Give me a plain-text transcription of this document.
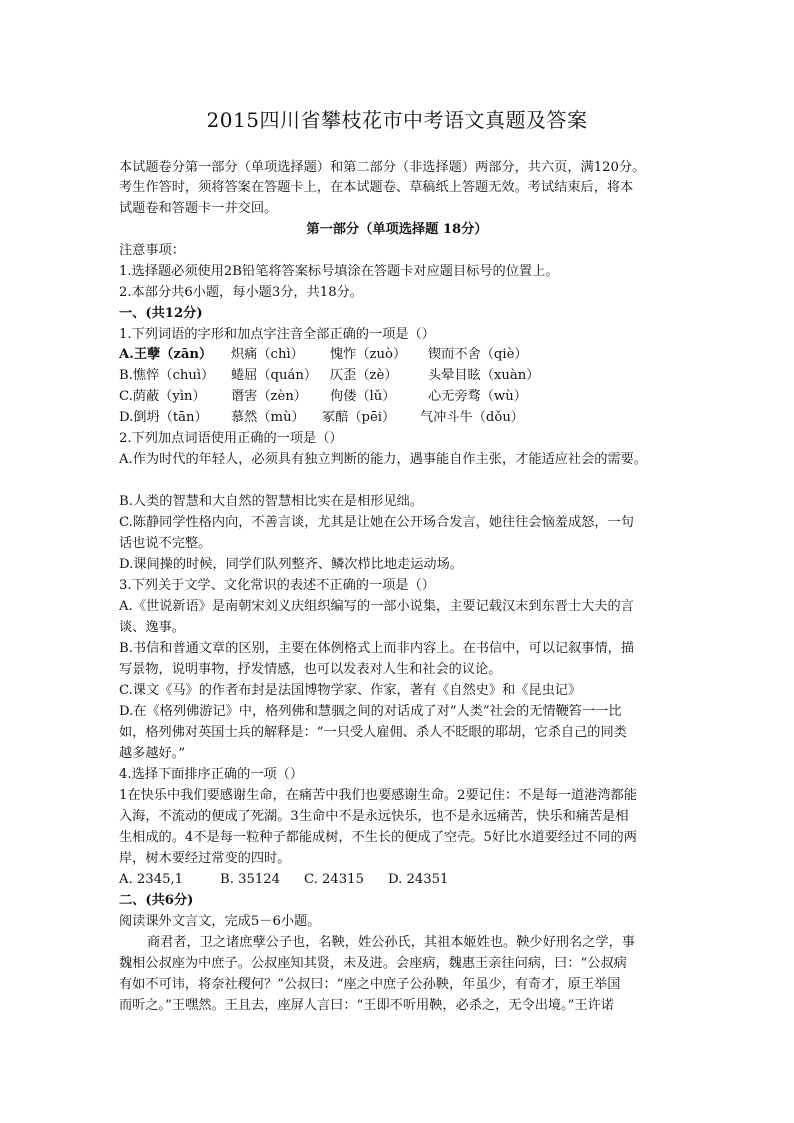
2015四川省攀枝花市中考语文真题及答案
本试题卷分第一部分（单项选择题）和第二部分（非选择题）两部分，共六页，满120分。
考生作答时，须将答案在答题卡上，在本试题卷、草稿纸上答题无效。考试结束后，将本
试题卷和答题卡一并交回。
第一部分（单项选择题 18分）
注意事项：
1.选择题必须使用2B铅笔将答案标号填涂在答题卡对应题目标号的位置上。
2.本部分共6小题，每小题3分，共18分。
一、(共12分)
1.下列词语的字形和加点字注音全部正确的一项是（）
A.王孽（zān） 炽痛（chì） 愧怍（zuò） 锲而不舍（qiè）
B.憔悴（chuì） 蜷屈（quán） 仄歪（zè） 头晕目眩（xuàn）
C.荫蔽（yìn） 谮害（zèn） 佝偻（lǔ） 心无旁骛（wù）
D.倒坍（tān） 慕然（mù） 冢醅（pēi） 气冲斗牛（dǒu）
2.下列加点词语使用正确的一项是（）
A.作为时代的年轻人，必须具有独立判断的能力，遇事能自作主张，才能适应社会的需要。
B.人类的智慧和大自然的智慧相比实在是相形见绌。
C.陈静同学性格内向，不善言谈，尤其是让她在公开场合发言，她往往会恼羞成怒，一句
话也说不完整。
D.课间操的时候，同学们队列整齐、鳞次栉比地走运动场。
3.下列关于文学、文化常识的表述不正确的一项是（）
A.《世说新语》是南朝宋刘义庆组织编写的一部小说集，主要记载汉末到东晋士大夫的言
谈、逸事。
B.书信和普通文章的区别，主要在体例格式上而非内容上。在书信中，可以记叙事情，描
写景物，说明事物，抒发情感，也可以发表对人生和社会的议论。
C.课文《马》的作者布封是法国博物学家、作家，著有《自然史》和《昆虫记》
D.在《格列佛游记》中，格列佛和慧骃之间的对话成了对“人类”社会的无情鞭笞一一比
如，格列佛对英国士兵的解释是：“一只受人雇佣、杀人不眨眼的耶胡，它杀自己的同类
越多越好。”
4.选择下面排序正确的一项（）
1在快乐中我们要感谢生命，在痛苦中我们也要感谢生命。2要记住：不是每一道港湾都能
入海，不流动的便成了死湖。3生命中不是永远快乐，也不是永远痛苦，快乐和痛苦是相
生相成的。4不是每一粒种子都能成树，不生长的便成了空壳。5好比水道要经过不同的两
岸，树木要经过常变的四时。
A. 2345,1	B. 35124 C. 24315 D. 24351
二、(共6分)
阅读课外文言文，完成5－6小题。
商君者，卫之诸庶孽公子也，名鞅，姓公孙氏，其祖本姬姓也。鞅少好刑名之学，事
魏相公叔座为中庶子。公叔座知其贤，未及进。会座病，魏惠王亲往问病，曰：“公叔病
有如不可讳，将奈社稷何？”公叔曰：“座之中庶子公孙鞅，年虽少，有奇才，原王举国
而听之。”王嘿然。王且去，座屏人言曰：“王即不听用鞅，必杀之，无令出境。”王许诺
